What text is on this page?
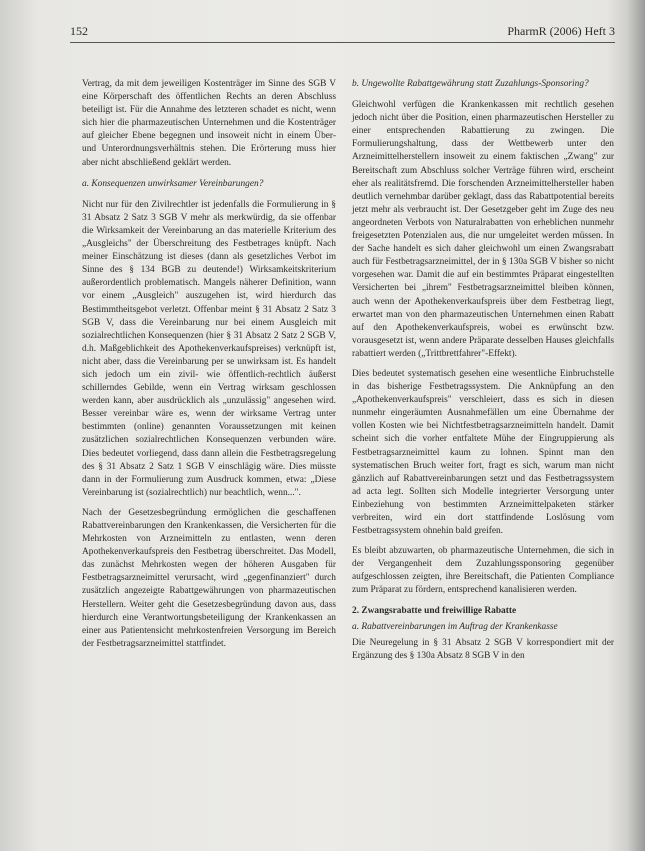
152	PharmR (2006) Heft 3

Vertrag, da mit dem jeweiligen Kostenträger im Sinne des SGB V eine Körperschaft des öffentlichen Rechts an deren Abschluss beteiligt ist. Für die Annahme des letzteren schadet es nicht, wenn sich hier die pharmazeutischen Unternehmen und die Kostenträger auf gleicher Ebene begegnen und insoweit nicht in einem Über- und Unterordnungsverhältnis stehen. Die Erörterung muss hier aber nicht abschließend geklärt werden.

a. Konsequenzen unwirksamer Vereinbarungen?

Nicht nur für den Zivilrechtler ist jedenfalls die Formulierung in § 31 Absatz 2 Satz 3 SGB V mehr als merkwürdig, da sie offenbar die Wirksamkeit der Vereinbarung an das materielle Kriterium des „Ausgleichs" der Überschreitung des Festbetrages knüpft. Nach meiner Einschätzung ist dieses (dann als gesetzliches Verbot im Sinne des § 134 BGB zu deutende!) Wirksamkeitskriterium außerordentlich problematisch. Mangels näherer Definition, wann vor einem „Ausgleich" auszugehen ist, wird hierdurch das Bestimmtheitsgebot verletzt. Offenbar meint § 31 Absatz 2 Satz 3 SGB V, dass die Vereinbarung nur bei einem Ausgleich mit sozialrechtlichen Konsequenzen (hier § 31 Absatz 2 Satz 2 SGB V, d.h. Maßgeblichkeit des Apothekenverkaufspreises) verknüpft ist, nicht aber, dass die Vereinbarung per se unwirksam ist. Es handelt sich jedoch um ein zivil- wie öffentlich-rechtlich äußerst schillerndes Gebilde, wenn ein Vertrag wirksam geschlossen werden kann, aber ausdrücklich als „unzulässig" angesehen wird. Besser vereinbar wäre es, wenn der wirksame Vertrag unter bestimmten (online) genannten Voraussetzungen mit keinen zusätzlichen sozialrechtlichen Konsequenzen verbunden wäre. Dies bedeutet vorliegend, dass dann allein die Festbetragsregelung des § 31 Absatz 2 Satz 1 SGB V einschlägig wäre. Dies müsste dann in der Formulierung zum Ausdruck kommen, etwa: „Diese Vereinbarung ist (sozialrechtlich) nur beachtlich, wenn...".

Nach der Gesetzesbegründung ermöglichen die geschaffenen Rabattvereinbarungen den Krankenkassen, die Versicherten für die Mehrkosten von Arzneimitteln zu entlasten, wenn deren Apothekenverkaufspreis den Festbetrag überschreitet. Das Modell, das zunächst Mehrkosten wegen der höheren Ausgaben für Festbetragsarzneimittel verursacht, wird „gegenfinanziert" durch zusätzlich angezeigte Rabattgewährungen von pharmazeutischen Herstellern. Weiter geht die Gesetzesbegründung davon aus, dass hierdurch eine Verantwortungsbeteiligung der Krankenkassen an einer aus Patientensicht mehrkostenfreien Versorgung im Bereich der Festbetragsarzneimittel stattfindet.

b. Ungewollte Rabattgewährung statt Zuzahlungs-Sponsoring?

Gleichwohl verfügen die Krankenkassen mit rechtlich gesehen jedoch nicht über die Position, einen pharmazeutischen Hersteller zu einer entsprechenden Rabattierung zu zwingen. Die Formulierungshaltung, dass der Wettbewerb unter den Arzneimittelherstellern insoweit zu einem faktischen „Zwang" zur Bereitschaft zum Abschluss solcher Verträge führen wird, erscheint eher als realitätsfremd. Die forschenden Arzneimittelhersteller haben deutlich vernehmbar darüber geklagt, dass das Rabattpotential bereits jetzt mehr als verbraucht ist. Der Gesetzgeber geht im Zuge des neu angeordneten Verbots von Naturalrabatten von erheblichen nunmehr freigesetzten Potenzialen aus, die nur umgeleitet werden müssen. In der Sache handelt es sich daher gleichwohl um einen Zwangsrabatt auch für Festbetragsarzneimittel, der in § 130a SGB V bisher so nicht vorgesehen war. Damit die auf ein bestimmtes Präparat eingestellten Versicherten bei „ihrem" Festbetragsarzneimittel bleiben können, auch wenn der Apothekenverkaufspreis über dem Festbetrag liegt, erwartet man von den pharmazeutischen Unternehmen einen Rabatt auf den Apothekenverkaufspreis, wobei es erwünscht bzw. vorausgesetzt ist, wenn andere Präparate desselben Hauses gleichfalls rabattiert werden („Trittbrettfahrer"-Effekt).

Dies bedeutet systematisch gesehen eine wesentliche Einbruchstelle in das bisherige Festbetragssystem. Die Anknüpfung an den „Apothekenverkaufspreis" verschleiert, dass es sich in diesen nunmehr eingeräumten Ausnahmefällen um eine Übernahme der vollen Kosten wie bei Nichtfestbetragsarzneimitteln handelt. Damit scheint sich die vorher entfaltete Mühe der Eingruppierung als Festbetragsarzneimittel kaum zu lohnen. Spinnt man den systematischen Bruch weiter fort, fragt es sich, warum man nicht gänzlich auf Rabattvereinbarungen setzt und das Festbetragssystem ad acta legt. Sollten sich Modelle integrierter Versorgung unter Einbeziehung von bestimmten Arzneimittelpaketen stärker verbreiten, wird ein dort stattfindende Loslösung vom Festbetragssystem ohnehin bald greifen.

Es bleibt abzuwarten, ob pharmazeutische Unternehmen, die sich in der Vergangenheit dem Zuzahlungssponsoring gegenüber aufgeschlossen zeigten, ihre Bereitschaft, die Patienten Compliance zum Präparat zu fördern, entsprechend kanalisieren werden.

2. Zwangsrabatte und freiwillige Rabatte
a. Rabattvereinbarungen im Auftrag der Krankenkasse

Die Neuregelung in § 31 Absatz 2 SGB V korrespondiert mit der Ergänzung des § 130a Absatz 8 SGB V in den
